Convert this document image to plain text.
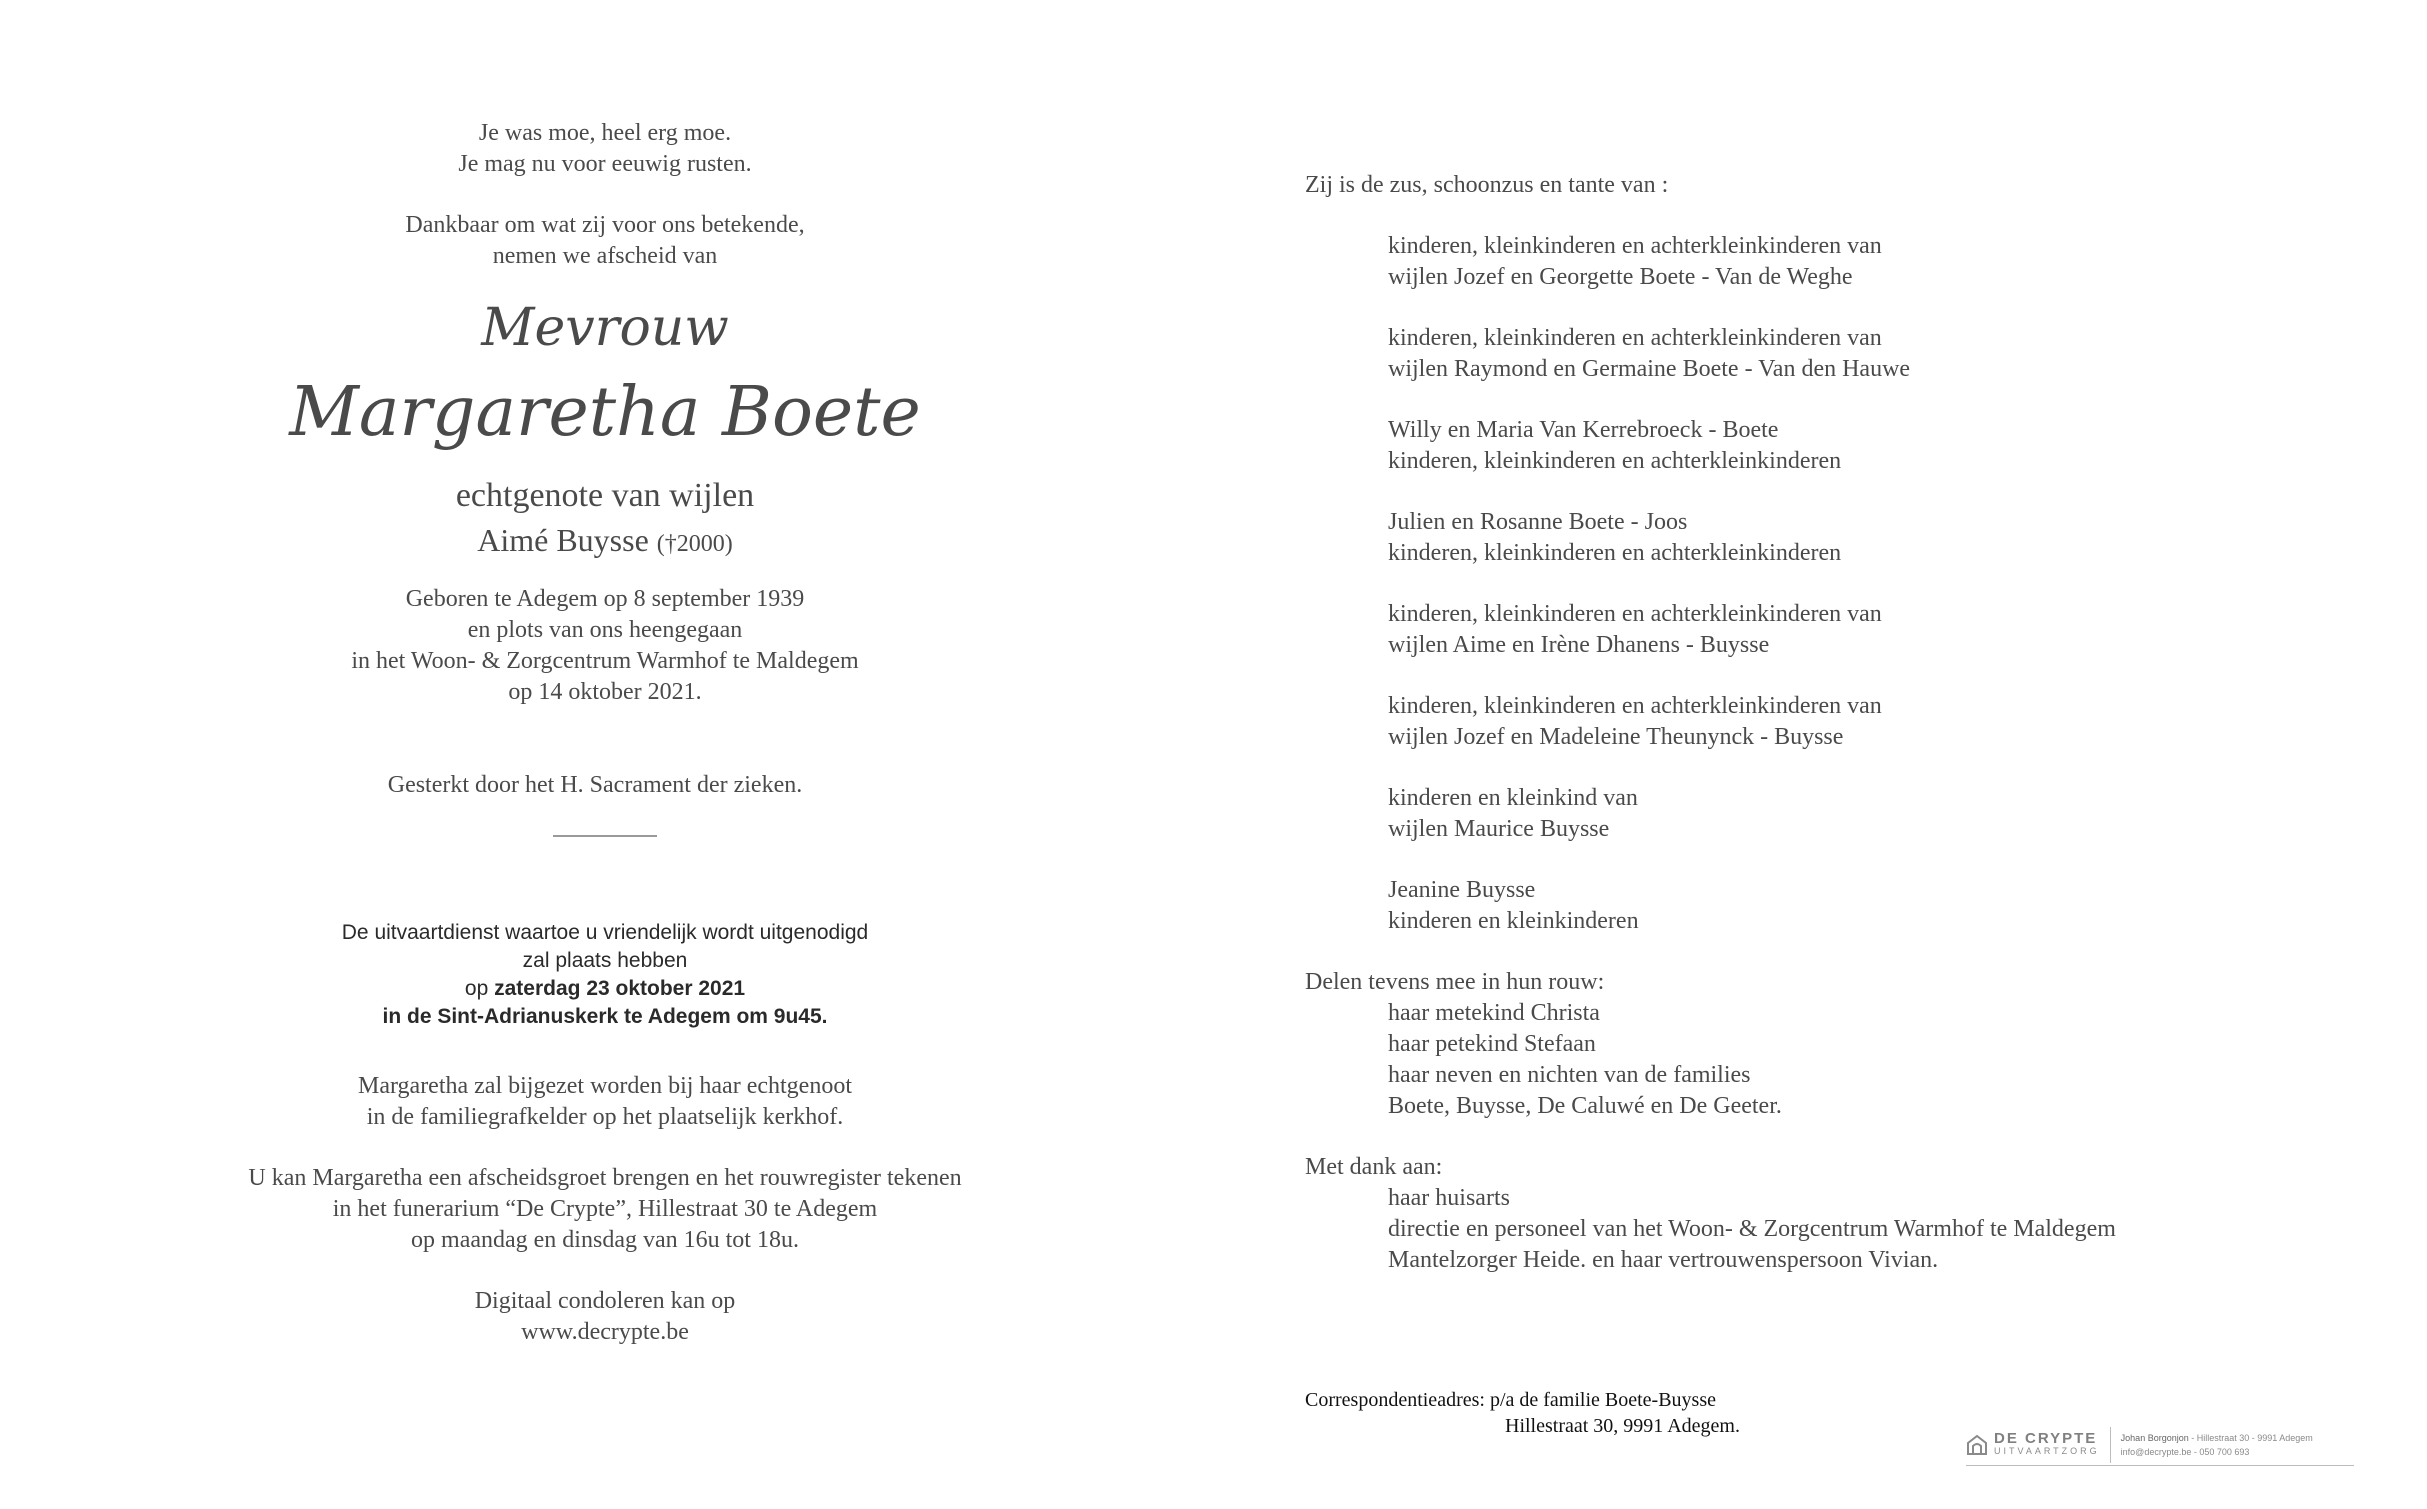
Je was moe, heel erg moe.
Je mag nu voor eeuwig rusten.
Dankbaar om wat zij voor ons betekende,
nemen we afscheid van
Mevrouw
Margaretha Boete
echtgenote van wijlen
Aimé Buysse (†2000)
Geboren te Adegem op 8 september 1939
en plots van ons heengegaan
in het Woon- & Zorgcentrum Warmhof te Maldegem
op 14 oktober 2021.
Gesterkt door het H. Sacrament der zieken.
De uitvaartdienst waartoe u vriendelijk wordt uitgenodigd
zal plaats hebben
op zaterdag 23 oktober 2021
in de Sint-Adrianuskerk te Adegem om 9u45.
Margaretha zal bijgezet worden bij haar echtgenoot
in de familiegrafkelder op het plaatselijk kerkhof.
U kan Margaretha een afscheidsgroet brengen en het rouwregister tekenen
in het funerarium “De Crypte”, Hillestraat 30 te Adegem
op maandag en dinsdag van 16u tot 18u.
Digitaal condoleren kan op
www.decrypte.be
Zij is de zus, schoonzus en tante van :
kinderen, kleinkinderen en achterkleinkinderen van
wijlen Jozef en Georgette Boete - Van de Weghe
kinderen, kleinkinderen en achterkleinkinderen van
wijlen Raymond en Germaine Boete - Van den Hauwe
Willy en Maria Van Kerrebroeck - Boete
kinderen, kleinkinderen en achterkleinkinderen
Julien en Rosanne Boete - Joos
kinderen, kleinkinderen en achterkleinkinderen
kinderen, kleinkinderen en achterkleinkinderen van
wijlen Aime en Irène Dhanens - Buysse
kinderen, kleinkinderen en achterkleinkinderen van
wijlen Jozef en Madeleine Theunynck - Buysse
kinderen en kleinkind van
wijlen Maurice Buysse
Jeanine Buysse
kinderen en kleinkinderen
Delen tevens mee in hun rouw:
haar metekind Christa
haar petekind Stefaan
haar neven en nichten van de families
Boete, Buysse, De Caluwé en De Geeter.
Met dank aan:
haar huisarts
directie en personeel van het Woon- & Zorgcentrum Warmhof te Maldegem
Mantelzorger Heide. en haar vertrouwenspersoon Vivian.
Correspondentieadres: p/a de familie Boete-Buysse
Hillestraat 30, 9991 Adegem.
DE CRYPTE
UITVAARTZORG
Johan Borgonjon - Hillestraat 30 - 9991 Adegem
info@decrypte.be - 050 700 693
